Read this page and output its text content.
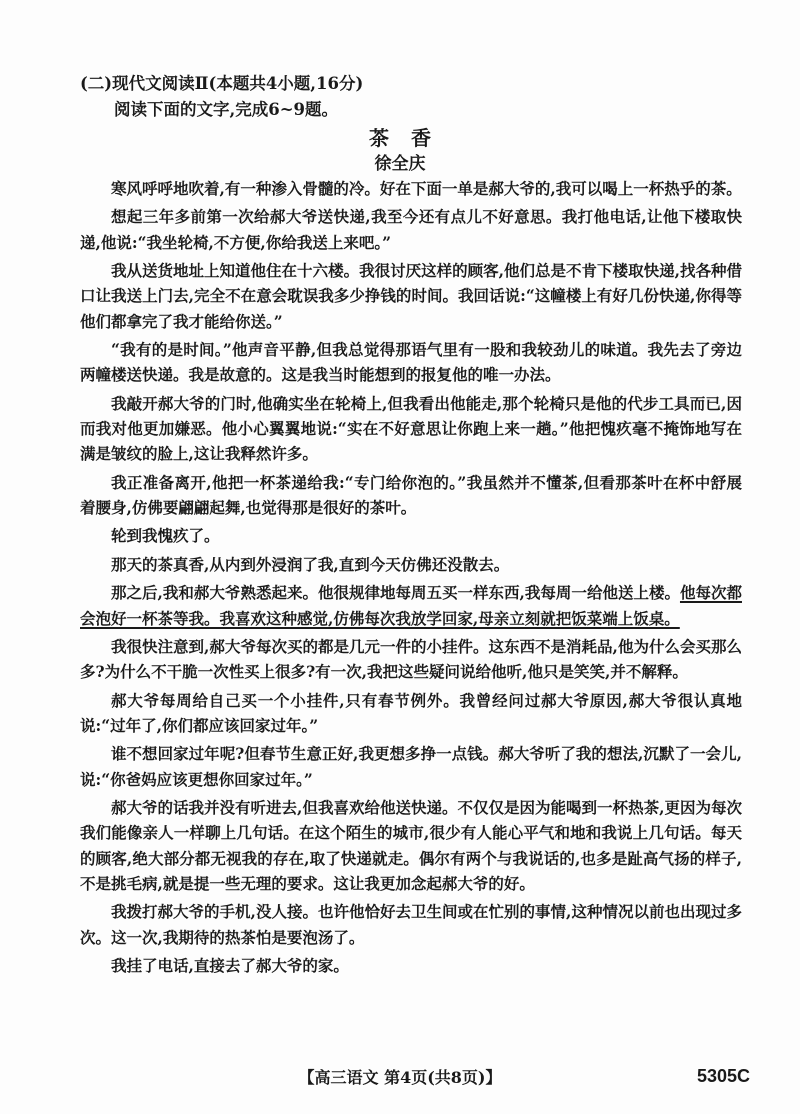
(二)现代文阅读Ⅱ(本题共4小题,16分)
阅读下面的文字,完成6~9题。
茶香
徐全庆

寒风呼呼地吹着,有一种渗入骨髓的冷。好在下面一单是郝大爷的,我可以喝上一杯热乎的茶。

想起三年多前第一次给郝大爷送快递,我至今还有点儿不好意思。我打他电话,让他下楼取快递,他说:“我坐轮椅,不方便,你给我送上来吧。”

我从送货地址上知道他住在十六楼。我很讨厌这样的顾客,他们总是不肯下楼取快递,找各种借口让我送上门去,完全不在意会耽误我多少挣钱的时间。我回话说:“这幢楼上有好几份快递,你得等他们都拿完了我才能给你送。”

“我有的是时间。”他声音平静,但我总觉得那语气里有一股和我较劲儿的味道。我先去了旁边两幢楼送快递。我是故意的。这是我当时能想到的报复他的唯一办法。

我敲开郝大爷的门时,他确实坐在轮椅上,但我看出他能走,那个轮椅只是他的代步工具而已,因而我对他更加嫌恶。他小心翼翼地说:“实在不好意思让你跑上来一趟。”他把愧疚毫不掩饰地写在满是皱纹的脸上,这让我释然许多。

我正准备离开,他把一杯茶递给我:“专门给你泡的。”我虽然并不懂茶,但看那茶叶在杯中舒展着腰身,仿佛要翩翩起舞,也觉得那是很好的茶叶。

轮到我愧疚了。

那天的茶真香,从内到外浸润了我,直到今天仿佛还没散去。

那之后,我和郝大爷熟悉起来。他很规律地每周五买一样东西,我每周一给他送上楼。他每次都会泡好一杯茶等我。我喜欢这种感觉,仿佛每次我放学回家,母亲立刻就把饭菜端上饭桌。

我很快注意到,郝大爷每次买的都是几元一件的小挂件。这东西不是消耗品,他为什么会买那么多?为什么不干脆一次性买上很多?有一次,我把这些疑问说给他听,他只是笑笑,并不解释。

郝大爷每周给自己买一个小挂件,只有春节例外。我曾经问过郝大爷原因,郝大爷很认真地说:“过年了,你们都应该回家过年。”

谁不想回家过年呢?但春节生意正好,我更想多挣一点钱。郝大爷听了我的想法,沉默了一会儿,说:“你爸妈应该更想你回家过年。”

郝大爷的话我并没有听进去,但我喜欢给他送快递。不仅仅是因为能喝到一杯热茶,更因为每次我们能像亲人一样聊上几句话。在这个陌生的城市,很少有人能心平气和地和我说上几句话。每天的顾客,绝大部分都无视我的存在,取了快递就走。偶尔有两个与我说话的,也多是趾高气扬的样子,不是挑毛病,就是提一些无理的要求。这让我更加念起郝大爷的好。

我拨打郝大爷的手机,没人接。也许他恰好去卫生间或在忙别的事情,这种情况以前也出现过多次。这一次,我期待的热茶怕是要泡汤了。

我挂了电话,直接去了郝大爷的家。

【高三语文 第4页(共8页)】	5305C
